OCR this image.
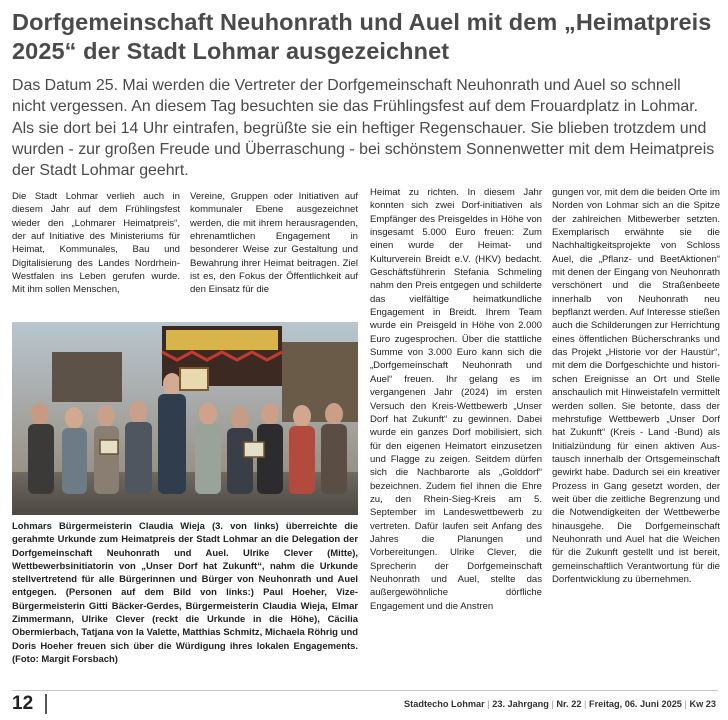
Dorfgemeinschaft Neuhonrath und Auel mit dem „Heimatpreis 2025“ der Stadt Lohmar ausgezeichnet

Das Datum 25. Mai werden die Vertreter der Dorfgemeinschaft Neuhonrath und Auel so schnell nicht vergessen. An diesem Tag besuchten sie das Frühlingsfest auf dem Frouardplatz in Lohmar. Als sie dort bei 14 Uhr eintrafen, begrüßte sie ein heftiger Regenschauer. Sie blieben trotzdem und wurden - zur großen Freude und Überraschung - bei schönstem Sonnenwetter mit dem Heimatpreis der Stadt Lohmar geehrt.

Die Stadt Lohmar verlieh auch in diesem Jahr auf dem Frühlingsfest wieder den „Lohmarer Heimatpreis“, der auf Initiative des Ministeriums für Heimat, Kommunales, Bau und Digitalisierung des Landes Nordrhein-Westfalen ins Leben gerufen wurde. Mit ihm sollen Menschen,

Vereine, Gruppen oder Initiativen auf kommunaler Ebene ausgezeichnet werden, die mit ihrem herausragenden, ehrenamtlichen Engagement in besonderer Weise zur Gestaltung und Bewahrung ihrer Heimat beitragen. Ziel ist es, den Fokus der Öffentlichkeit auf den Einsatz für die

Lohmars Bürgermeisterin Claudia Wieja (3. von links) überreichte die gerahmte Urkunde zum Heimatpreis der Stadt Lohmar an die Delegation der Dorfgemeinschaft Neuhonrath und Auel. Ulrike Clever (Mitte), Wettbewerbsinitiatorin von „Unser Dorf hat Zukunft“, nahm die Urkunde stellvertretend für alle Bürgerinnen und Bürger von Neuhonrath und Auel entgegen. (Personen auf dem Bild von links:) Paul Hoeher, Vize-Bürgermeisterin Gitti Bäcker-Gerdes, Bürgermeisterin Claudia Wieja, Elmar Zimmermann, Ulrike Clever (reckt die Urkunde in die Höhe), Cäcilia Obermierbach, Tatjana von la Valette, Matthias Schmitz, Michaela Röhrig und Doris Hoeher freuen sich über die Würdigung ihres lokalen Engagements. (Foto: Margit Forsbach)

Heimat zu richten. In diesem Jahr konnten sich zwei Dorf-initiativen als Empfänger des Preisgeldes in Höhe von insgesamt 5.000 Euro freuen: Zum einen wurde der Heimat- und Kulturverein Breidt e.V. (HKV) bedacht. Geschäftsführerin Stefania Schmeling nahm den Preis entgegen und schilderte das vielfältige heimatkundliche Engagement in Breidt. Ihrem Team wurde ein Preisgeld in Höhe von 2.000 Euro zugesprochen. Über die stattliche Summe von 3.000 Euro kann sich die „Dorfgemeinschaft Neuhonrath und Auel“ freuen. Ihr gelang es im vergangenen Jahr (2024) im ersten Versuch den Kreis-Wettbewerb „Unser Dorf hat Zukunft“ zu gewinnen. Dabei wurde ein ganzes Dorf mobilisiert, sich für den eigenen Heimatort einzusetzen und Flagge zu zeigen. Seitdem dürfen sich die Nachbarorte als „Golddorf“ bezeichnen. Zudem fiel ihnen die Ehre zu, den Rhein-Sieg-Kreis am 5. September im Landeswettbewerb zu vertreten. Dafür laufen seit Anfang des Jahres die Planungen und Vorbereitungen. Ulrike Clever, die Sprecherin der Dorfgemeinschaft Neuhonrath und Auel, stellte das außergewöhnliche dörfliche Engagement und die Anstren

gungen vor, mit dem die beiden Orte im Norden von Lohmar sich an die Spitze der zahlreichen Mitbewerber setzten. Exemplarisch erwähnte sie die Nachhaltigkeitsprojekte von Schloss Auel, die „Pflanz- und BeetAktionen“ mit denen der Eingang von Neuhonrath verschönert und die Straßenbeete innerhalb von Neuhonrath neu bepflanzt werden. Auf Interesse stießen auch die Schilderungen zur Herrichtung eines öffentlichen Bücherschranks und das Projekt „Historie vor der Haustür“, mit dem die Dorfgeschichte und historischen Ereignisse an Ort und Stelle anschaulich mit Hinweistafeln vermittelt werden sollen. Sie betonte, dass der mehrstufige Wettbewerb „Unser Dorf hat Zukunft“ (Kreis - Land -Bund) als Initialzündung für einen aktiven Austausch innerhalb der Ortsgemeinschaft gewirkt habe. Dadurch sei ein kreativer Prozess in Gang gesetzt worden, der weit über die zeitliche Begrenzung und die Notwendigkeiten der Wettbewerbe hinausgehe. Die Dorfgemeinschaft Neuhonrath und Auel hat die Weichen für die Zukunft gestellt und ist bereit, gemeinschaftlich Verantwortung für die Dorfentwicklung zu übernehmen.

12	Stadtecho Lohmar | 23. Jahrgang | Nr. 22 | Freitag, 06. Juni 2025 | Kw 23
